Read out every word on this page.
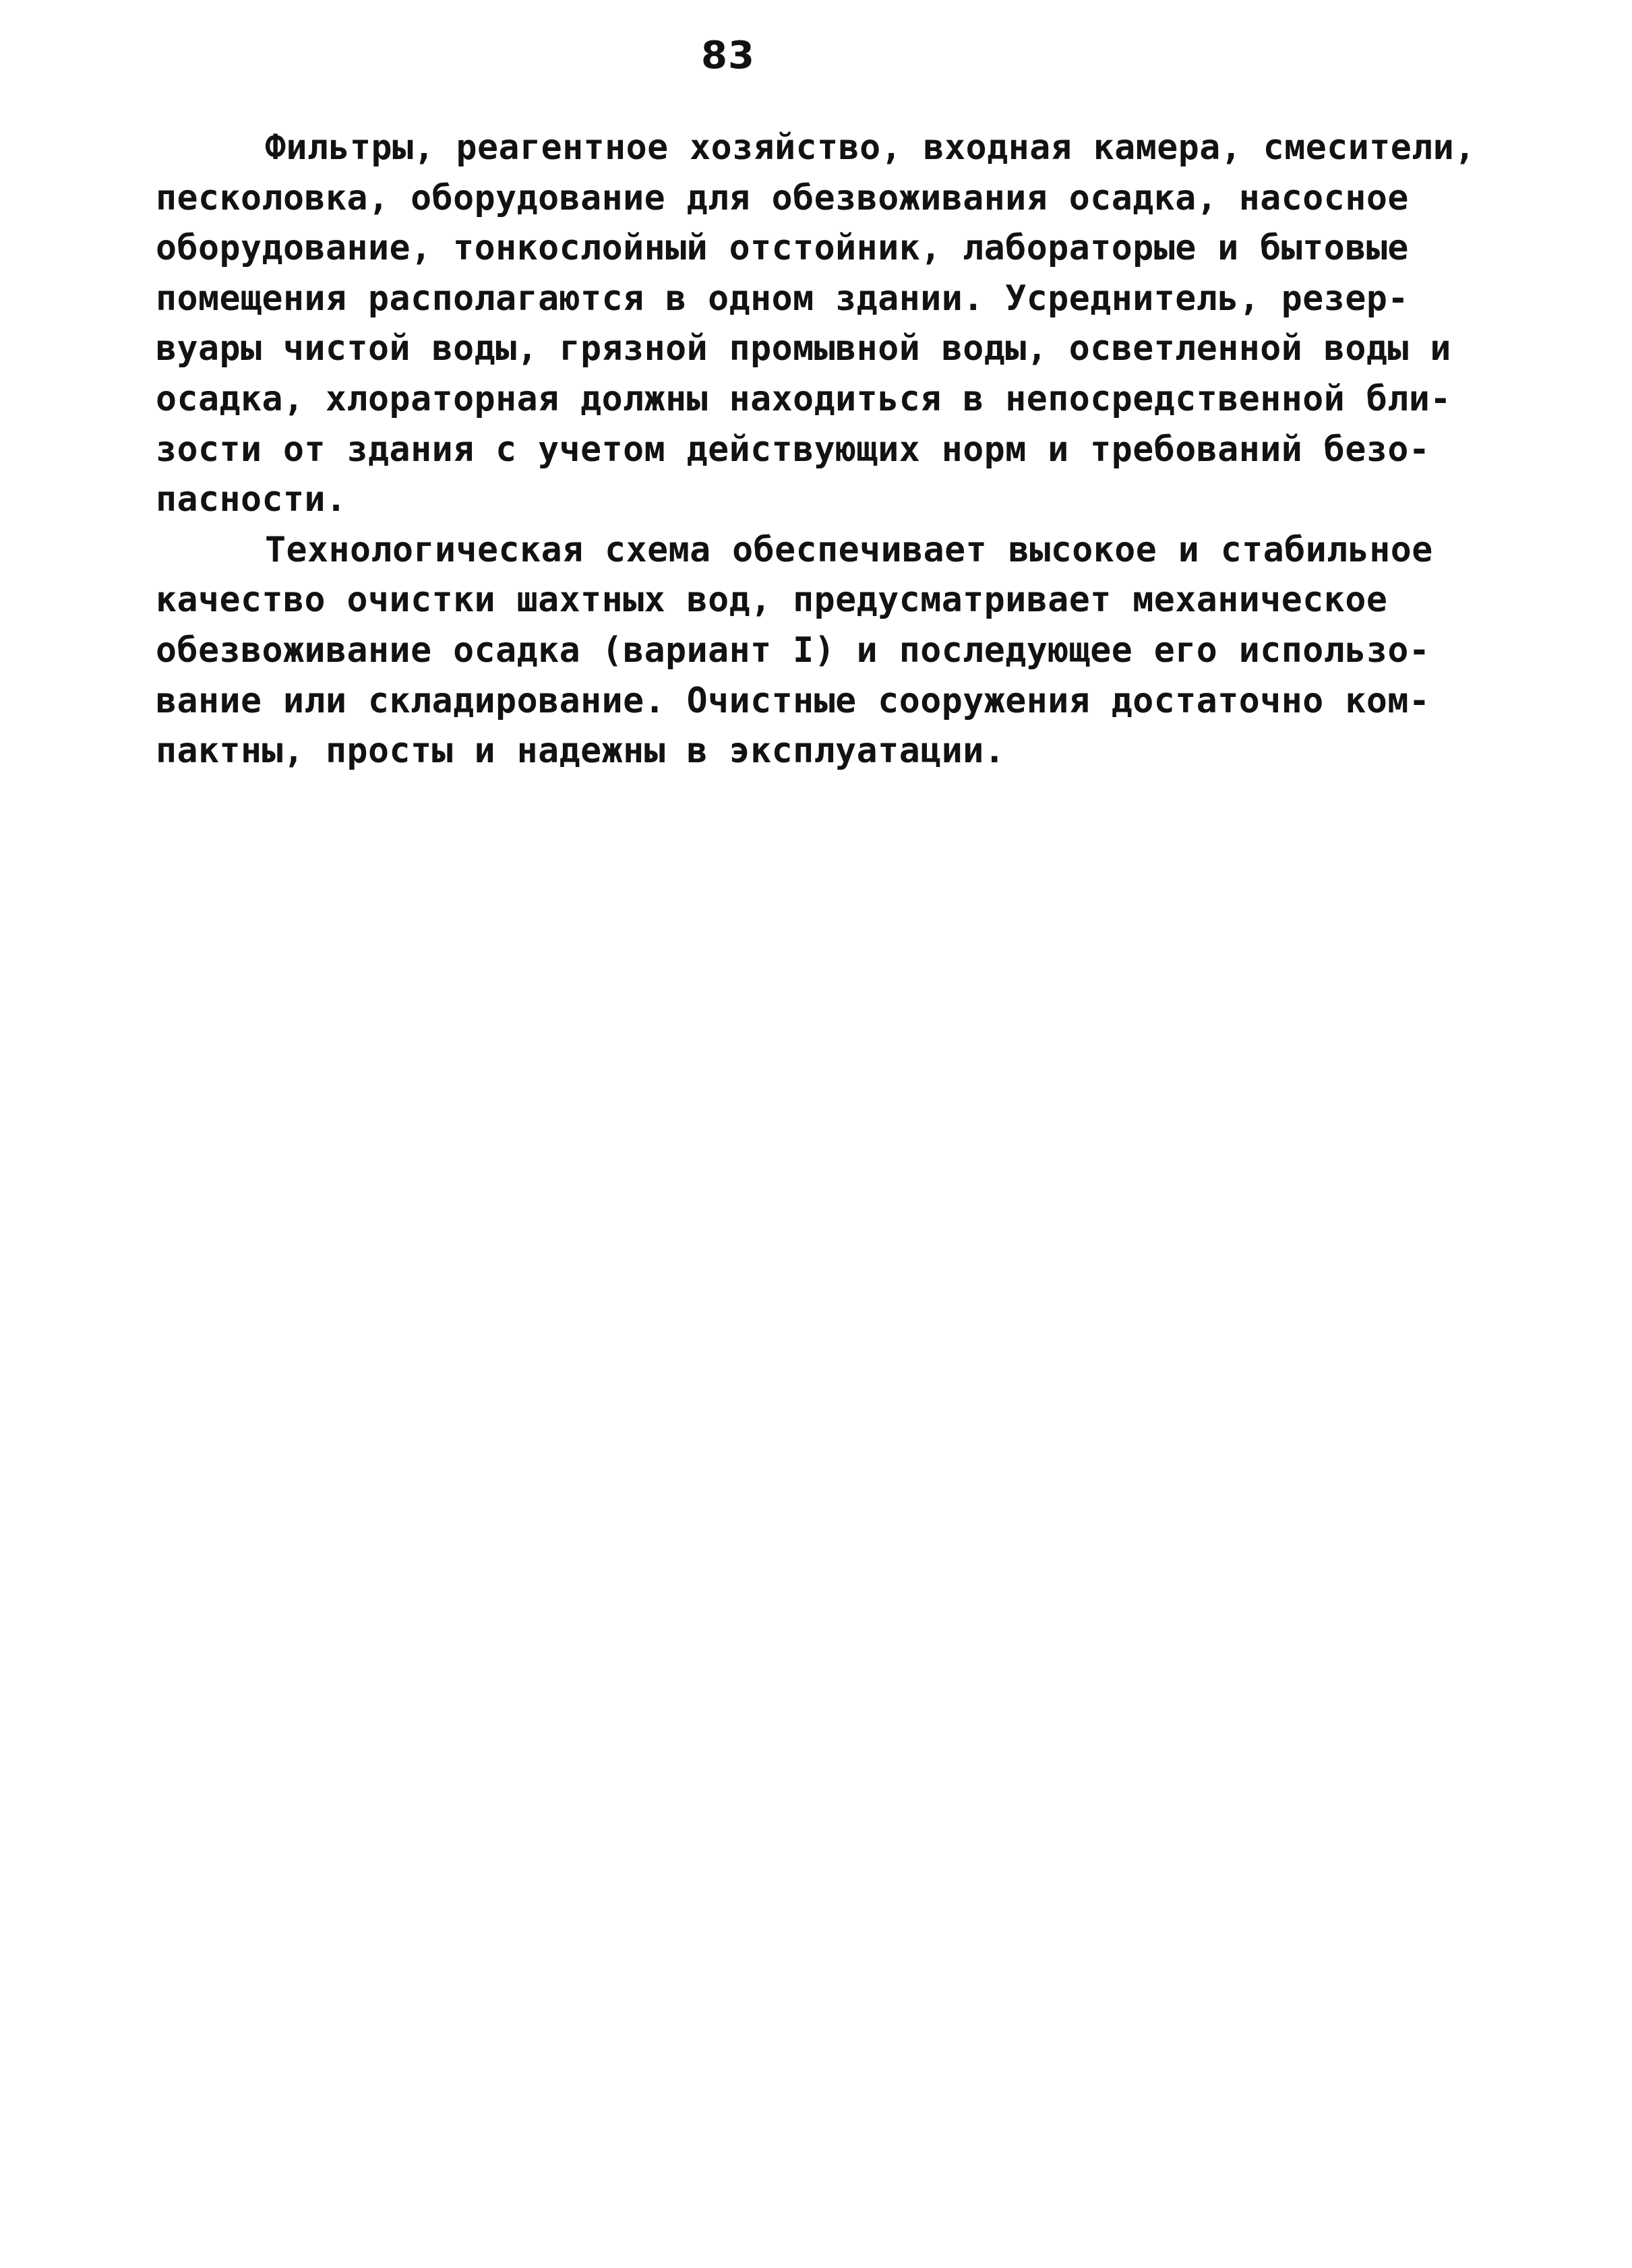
83
Фильтры, реагентное хозяйство, входная камера, смесители,
песколовка, оборудование для обезвоживания осадка, насосное
оборудование, тонкослойный отстойник, лабораторые и бытовые
помещения располагаются в одном здании. Усреднитель, резер-
вуары чистой воды, грязной промывной воды, осветленной воды и
осадка, хлораторная должны находиться в непосредственной бли-
зости от здания с учетом действующих норм и требований безо-
пасности.
Технологическая схема обеспечивает высокое и стабильное
качество очистки шахтных вод, предусматривает механическое
обезвоживание осадка (вариант I) и последующее его использо-
вание или складирование. Очистные сооружения достаточно ком-
пактны, просты и надежны в эксплуатации.
